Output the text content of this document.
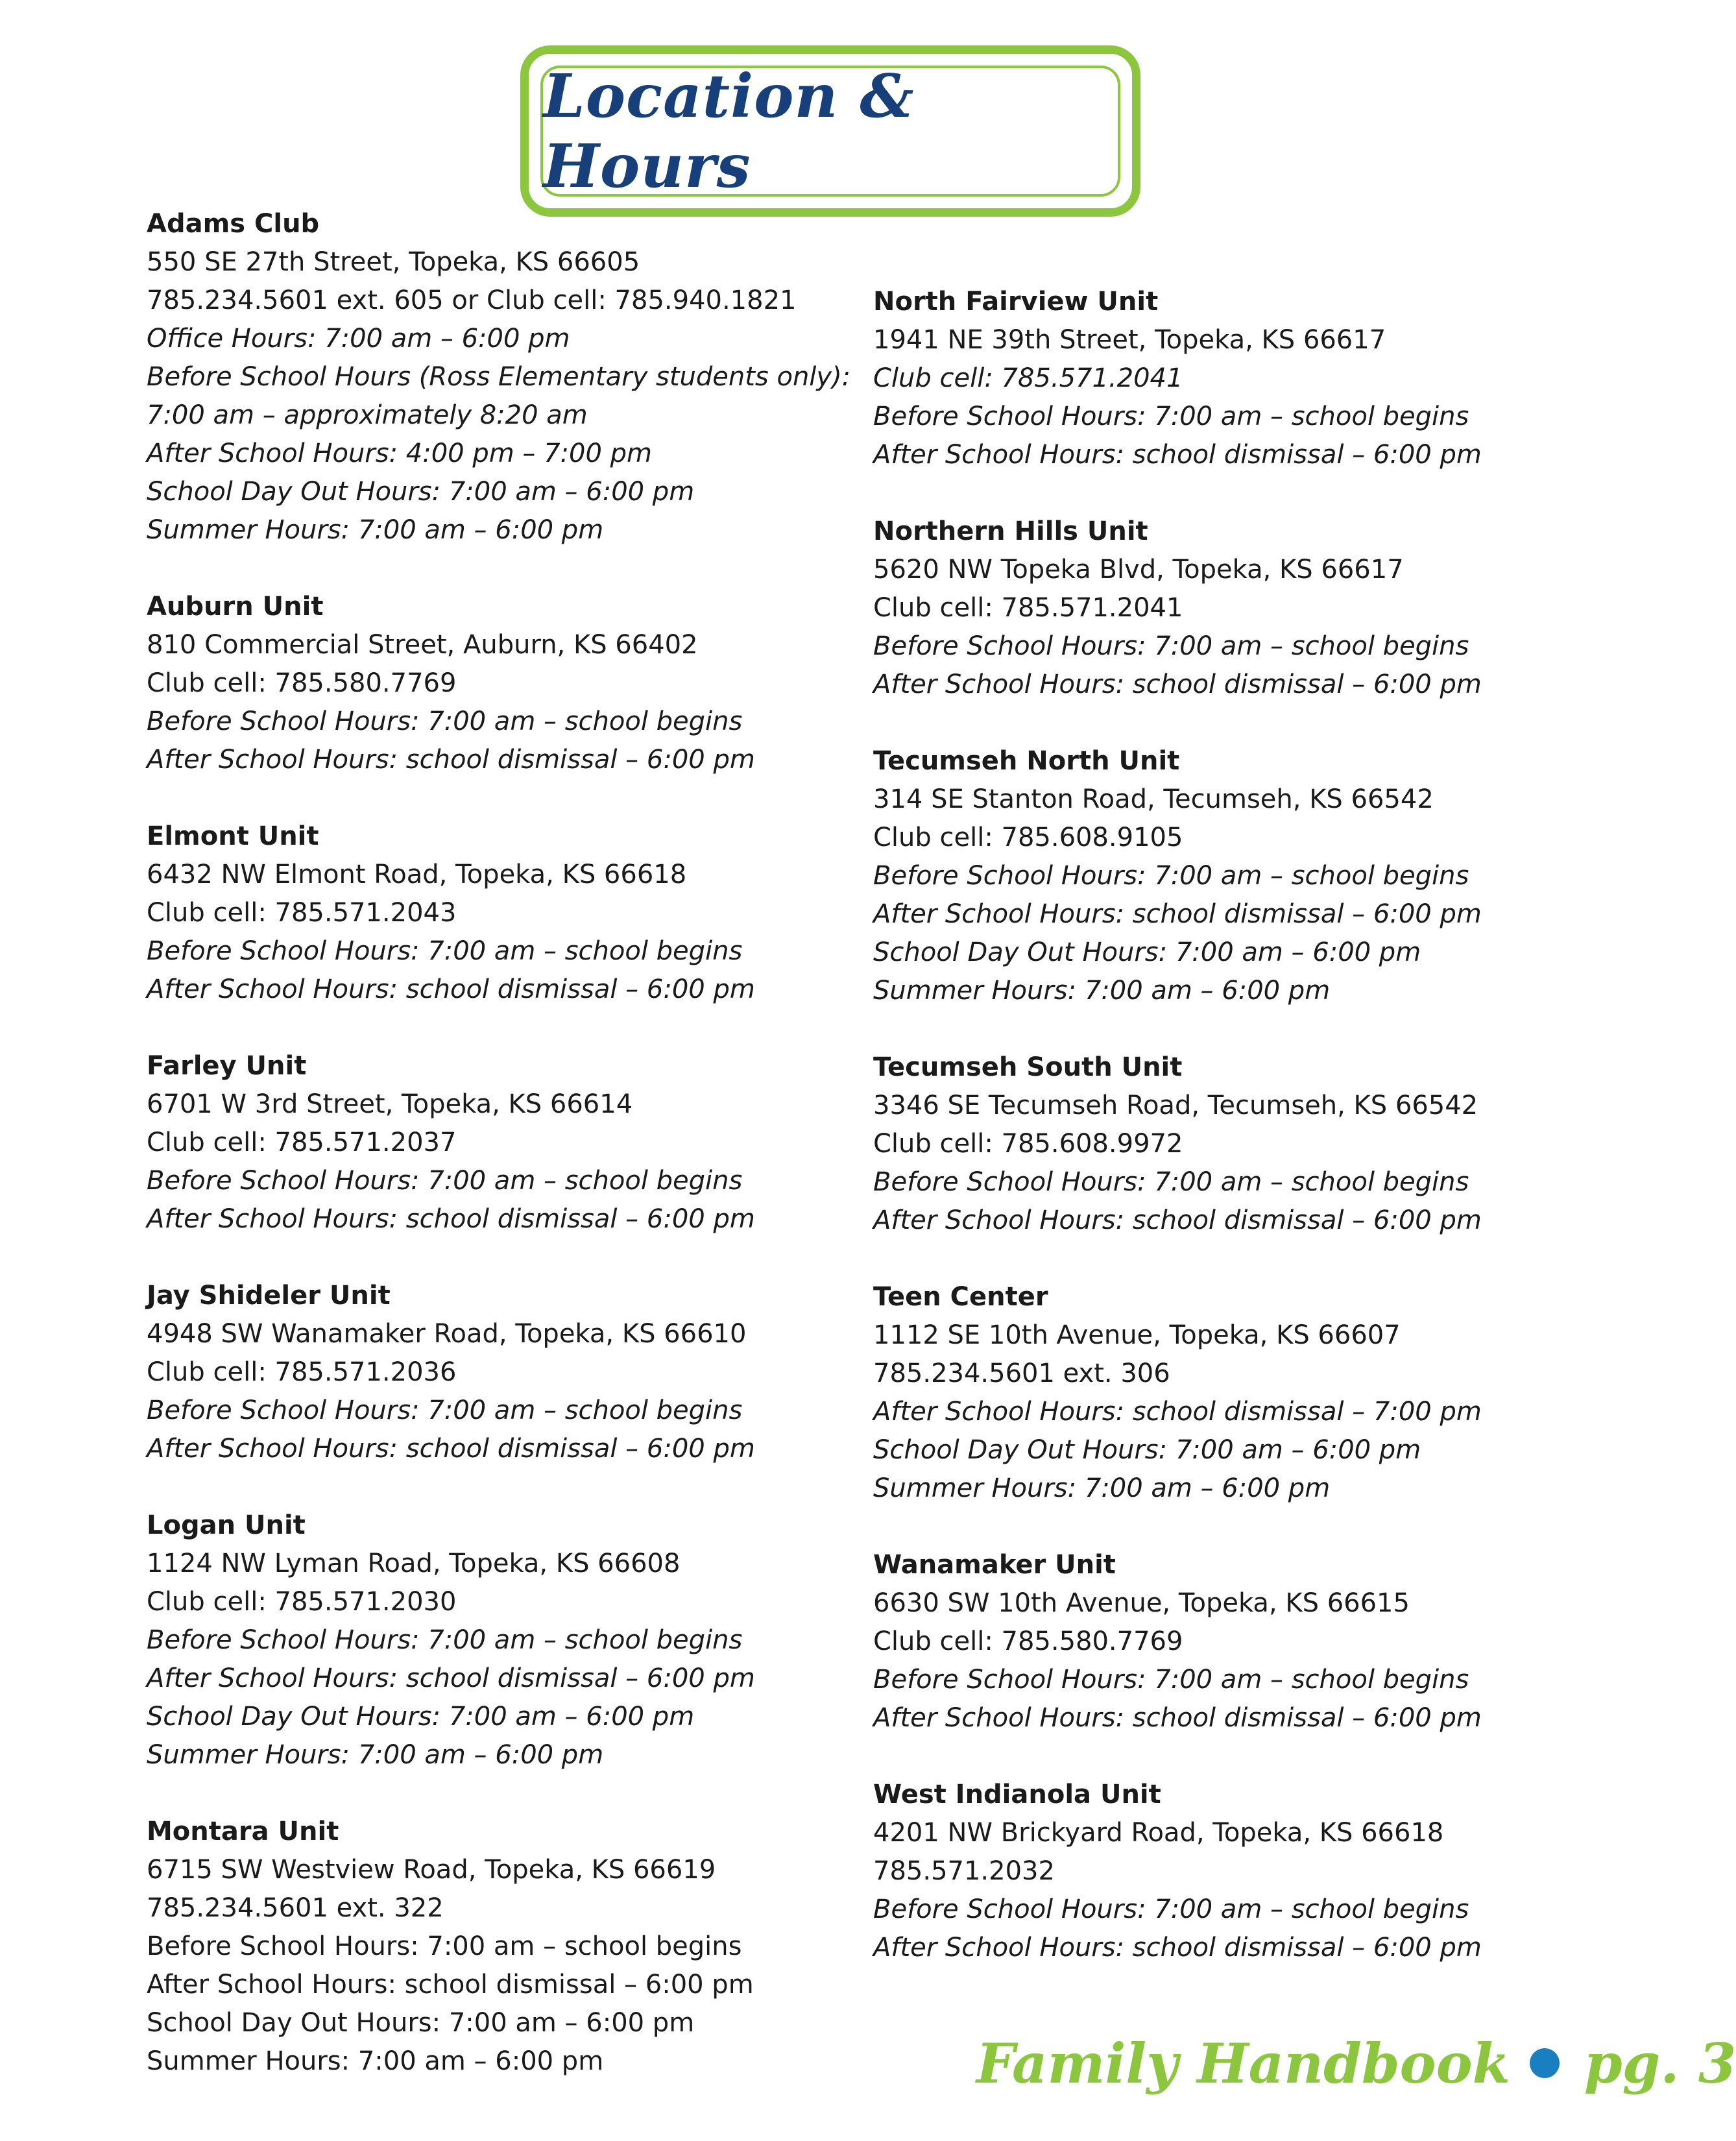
Location & Hours
Adams Club
550 SE 27th Street, Topeka, KS 66605
785.234.5601 ext. 605 or Club cell: 785.940.1821
Office Hours: 7:00 am – 6:00 pm
Before School Hours (Ross Elementary students only):
7:00 am – approximately 8:20 am
After School Hours: 4:00 pm – 7:00 pm
School Day Out Hours: 7:00 am – 6:00 pm
Summer Hours: 7:00 am – 6:00 pm
Auburn Unit
810 Commercial Street, Auburn, KS 66402
Club cell: 785.580.7769
Before School Hours: 7:00 am – school begins
After School Hours: school dismissal – 6:00 pm
Elmont Unit
6432 NW Elmont Road, Topeka, KS 66618
Club cell: 785.571.2043
Before School Hours: 7:00 am – school begins
After School Hours: school dismissal – 6:00 pm
Farley Unit
6701 W 3rd Street, Topeka, KS 66614
Club cell: 785.571.2037
Before School Hours: 7:00 am – school begins
After School Hours: school dismissal – 6:00 pm
Jay Shideler Unit
4948 SW Wanamaker Road, Topeka, KS 66610
Club cell: 785.571.2036
Before School Hours: 7:00 am – school begins
After School Hours: school dismissal – 6:00 pm
Logan Unit
1124 NW Lyman Road, Topeka, KS 66608
Club cell: 785.571.2030
Before School Hours: 7:00 am – school begins
After School Hours: school dismissal – 6:00 pm
School Day Out Hours: 7:00 am – 6:00 pm
Summer Hours: 7:00 am – 6:00 pm
Montara Unit
6715 SW Westview Road, Topeka, KS 66619
785.234.5601 ext. 322
Before School Hours: 7:00 am – school begins
After School Hours: school dismissal – 6:00 pm
School Day Out Hours: 7:00 am – 6:00 pm
Summer Hours: 7:00 am – 6:00 pm
North Fairview Unit
1941 NE 39th Street, Topeka, KS 66617
Club cell: 785.571.2041
Before School Hours: 7:00 am – school begins
After School Hours: school dismissal – 6:00 pm
Northern Hills Unit
5620 NW Topeka Blvd, Topeka, KS 66617
Club cell: 785.571.2041
Before School Hours: 7:00 am – school begins
After School Hours: school dismissal – 6:00 pm
Tecumseh North Unit
314 SE Stanton Road, Tecumseh, KS 66542
Club cell: 785.608.9105
Before School Hours: 7:00 am – school begins
After School Hours: school dismissal – 6:00 pm
School Day Out Hours: 7:00 am – 6:00 pm
Summer Hours: 7:00 am – 6:00 pm
Tecumseh South Unit
3346 SE Tecumseh Road, Tecumseh, KS 66542
Club cell: 785.608.9972
Before School Hours: 7:00 am – school begins
After School Hours: school dismissal – 6:00 pm
Teen Center
1112 SE 10th Avenue, Topeka, KS 66607
785.234.5601 ext. 306
After School Hours: school dismissal – 7:00 pm
School Day Out Hours: 7:00 am – 6:00 pm
Summer Hours: 7:00 am – 6:00 pm
Wanamaker Unit
6630 SW 10th Avenue, Topeka, KS 66615
Club cell: 785.580.7769
Before School Hours: 7:00 am – school begins
After School Hours: school dismissal – 6:00 pm
West Indianola Unit
4201 NW Brickyard Road, Topeka, KS 66618
785.571.2032
Before School Hours: 7:00 am – school begins
After School Hours: school dismissal – 6:00 pm
Family Handbook pg. 3
